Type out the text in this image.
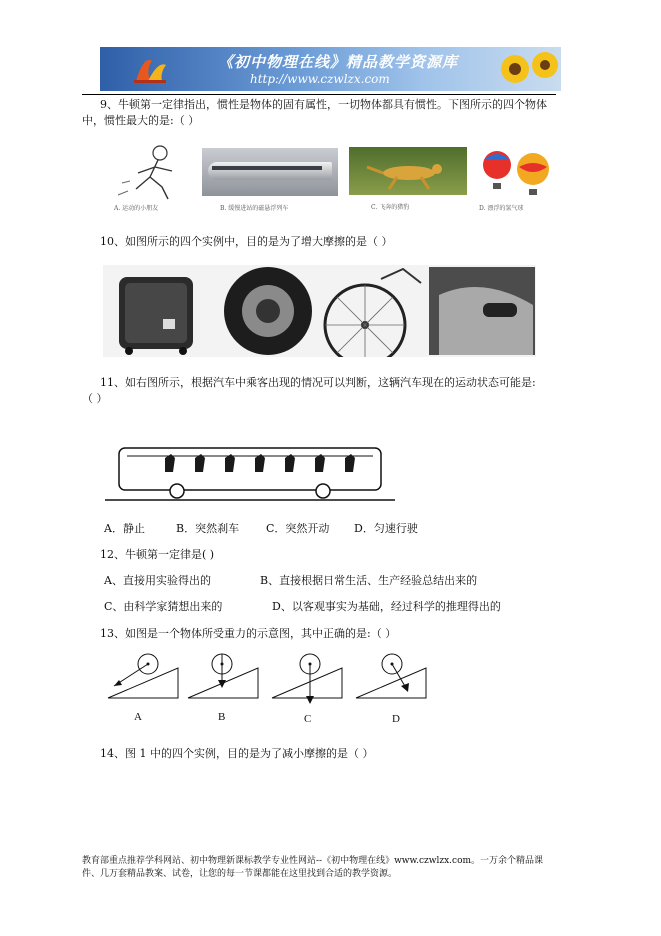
《初中物理在线》精品教学资源库
http://www.czwlzx.com
9、牛顿第一定律指出，惯性是物体的固有属性，一切物体都具有惯性。下图所示的四个物体
中，惯性最大的是:（ ）
A. 运动的小朋友	B. 缓慢进站的磁悬浮列车	C. 飞奔的猎豹	D. 漂浮的氢气球
10、如图所示的四个实例中，目的是为了增大摩擦的是（ ）
11、如右图所示，根据汽车中乘客出现的情况可以判断，这辆汽车现在的运动状态可能是:
（ ）
A．静止	B．突然刹车 C．突然开动 D．匀速行驶
12、牛顿第一定律是( )
A、直接用实验得出的	B、直接根据日常生活、生产经验总结出来的
C、由科学家猜想出来的	D、以客观事实为基础，经过科学的推理得出的
13、如图是一个物体所受重力的示意图，其中正确的是:（ ）
A	B	C	D
14、图 1 中的四个实例，目的是为了减小摩擦的是（ ）
教育部重点推荐学科网站、初中物理新课标教学专业性网站--《初中物理在线》www.czwlzx.com。一万余个精品课
件、几万套精品教案、试卷，让您的每一节课都能在这里找到合适的教学资源。
